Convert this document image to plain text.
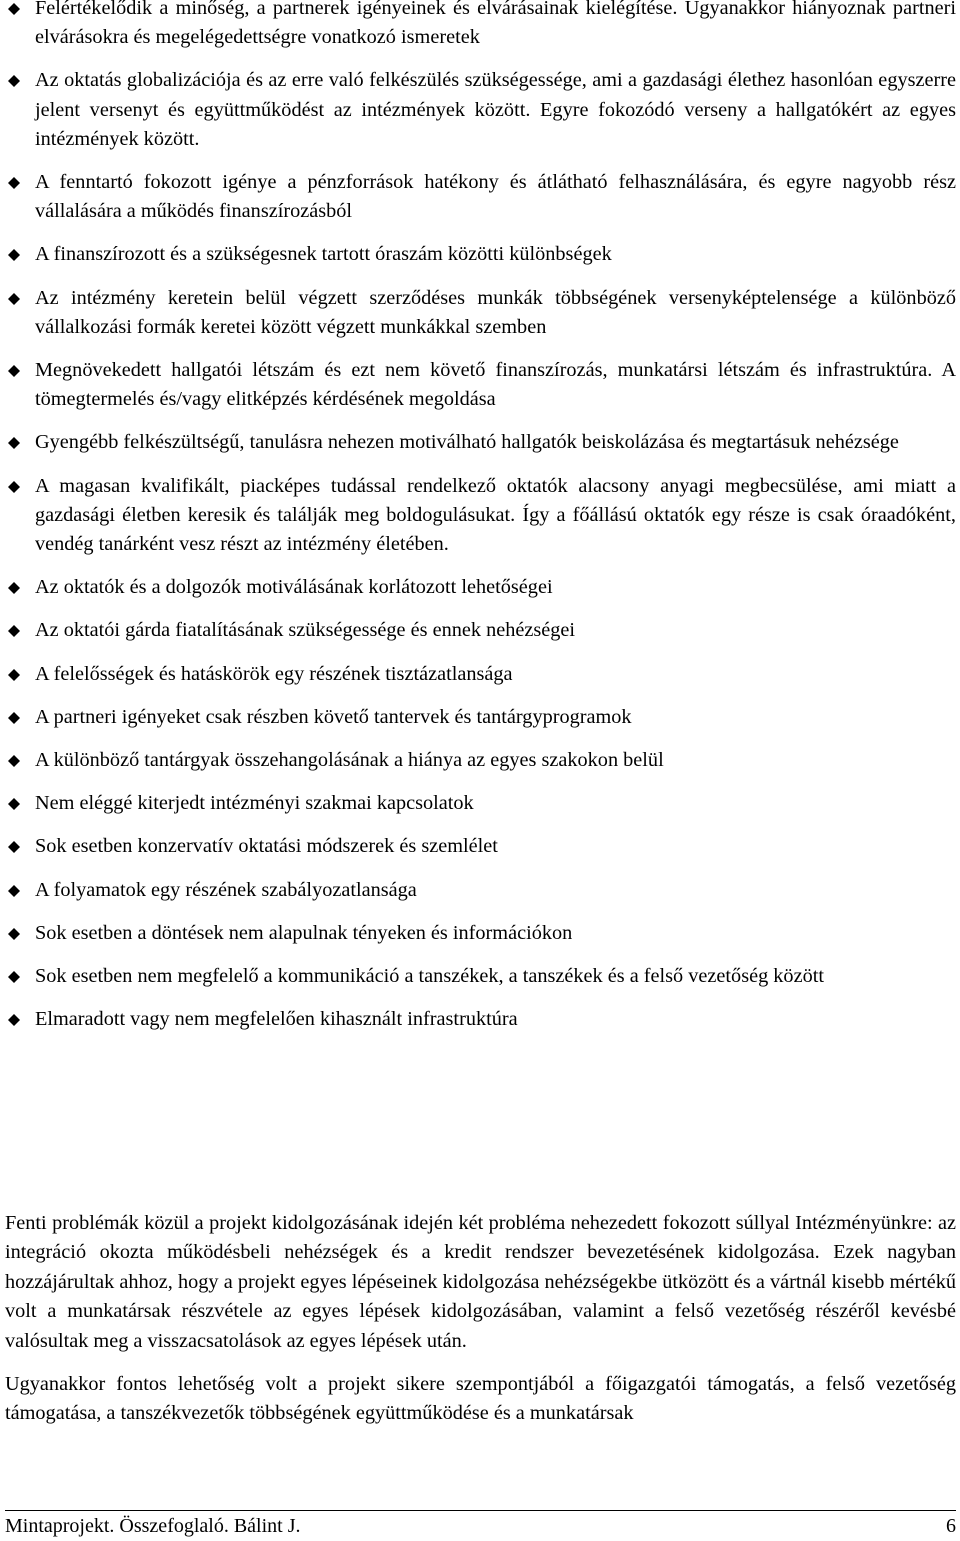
Felértékelődik a minőség, a partnerek igényeinek és elvárásainak kielégítése. Ugyanakkor hiányoznak partneri elvárásokra és megelégedettségre vonatkozó ismeretek
Az oktatás globalizációja és az erre való felkészülés szükségessége, ami a gazdasági élethez hasonlóan egyszerre jelent versenyt és együttműködést az intézmények között. Egyre fokozódó verseny a hallgatókért az egyes intézmények között.
A fenntartó fokozott igénye a pénzforrások hatékony és átlátható felhasználására, és egyre nagyobb rész vállalására a működés finanszírozásból
A finanszírozott és a szükségesnek tartott óraszám közötti különbségek
Az intézmény keretein belül végzett szerződéses munkák többségének versenyképtelensége a különböző vállalkozási formák keretei között végzett munkákkal szemben
Megnövekedett hallgatói létszám és ezt nem követő finanszírozás, munkatársi létszám és infrastruktúra. A tömegtermelés és/vagy elitképzés kérdésének megoldása
Gyengébb felkészültségű, tanulásra nehezen motiválható hallgatók beiskolázása és megtartásuk nehézsége
A magasan kvalifikált, piacképes tudással rendelkező oktatók alacsony anyagi megbecsülése, ami miatt a gazdasági életben keresik és találják meg boldogulásukat. Így a főállású oktatók egy része is csak óraadóként, vendég tanárként vesz részt az intézmény életében.
Az oktatók és a dolgozók motiválásának korlátozott lehetőségei
Az oktatói gárda fiatalításának szükségessége és ennek nehézségei
A felelősségek és hatáskörök egy részének tisztázatlansága
A partneri igényeket csak részben követő tantervek és tantárgyprogramok
A különböző tantárgyak összehangolásának a hiánya az egyes szakokon belül
Nem eléggé kiterjedt intézményi szakmai kapcsolatok
Sok esetben konzervatív oktatási módszerek és szemlélet
A folyamatok egy részének szabályozatlansága
Sok esetben a döntések nem alapulnak tényeken és információkon
Sok esetben nem megfelelő a kommunikáció a tanszékek, a tanszékek és a felső vezetőség között
Elmaradott vagy nem megfelelően kihasznált infrastruktúra

Fenti problémák közül a projekt kidolgozásának idején két probléma nehezedett fokozott súllyal Intézményünkre: az integráció okozta működésbeli nehézségek és a kredit rendszer bevezetésének kidolgozása. Ezek nagyban hozzájárultak ahhoz, hogy a projekt egyes lépéseinek kidolgozása nehézségekbe ütközött és a vártnál kisebb mértékű volt a munkatársak részvétele az egyes lépések kidolgozásában, valamint a felső vezetőség részéről kevésbé valósultak meg a visszacsatolások az egyes lépések után.

Ugyanakkor fontos lehetőség volt a projekt sikere szempontjából a főigazgatói támogatás, a felső vezetőség támogatása, a tanszékvezetők többségének együttműködése és a munkatársak

Mintaprojekt. Összefoglaló. Bálint J.	6
